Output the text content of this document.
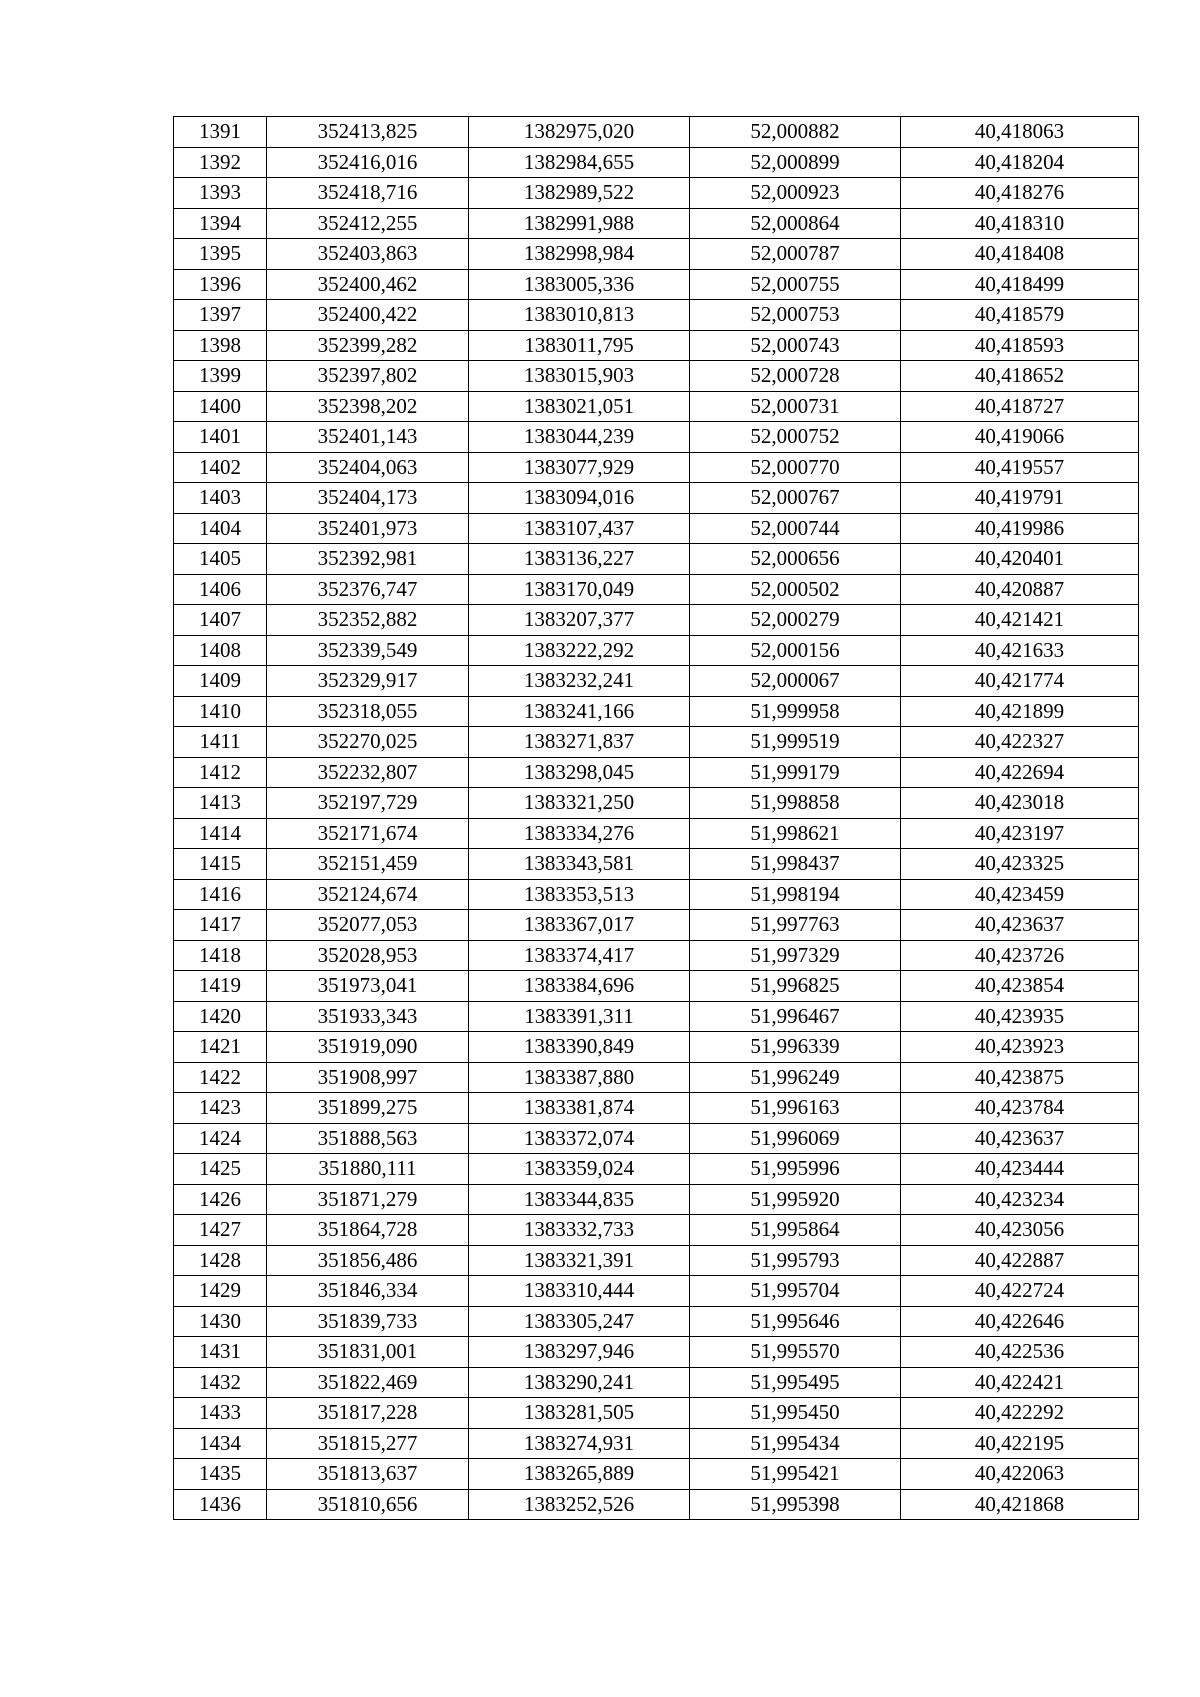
1391	352413,825	1382975,020	52,000882	40,418063
1392	352416,016	1382984,655	52,000899	40,418204
1393	352418,716	1382989,522	52,000923	40,418276
1394	352412,255	1382991,988	52,000864	40,418310
1395	352403,863	1382998,984	52,000787	40,418408
1396	352400,462	1383005,336	52,000755	40,418499
1397	352400,422	1383010,813	52,000753	40,418579
1398	352399,282	1383011,795	52,000743	40,418593
1399	352397,802	1383015,903	52,000728	40,418652
1400	352398,202	1383021,051	52,000731	40,418727
1401	352401,143	1383044,239	52,000752	40,419066
1402	352404,063	1383077,929	52,000770	40,419557
1403	352404,173	1383094,016	52,000767	40,419791
1404	352401,973	1383107,437	52,000744	40,419986
1405	352392,981	1383136,227	52,000656	40,420401
1406	352376,747	1383170,049	52,000502	40,420887
1407	352352,882	1383207,377	52,000279	40,421421
1408	352339,549	1383222,292	52,000156	40,421633
1409	352329,917	1383232,241	52,000067	40,421774
1410	352318,055	1383241,166	51,999958	40,421899
1411	352270,025	1383271,837	51,999519	40,422327
1412	352232,807	1383298,045	51,999179	40,422694
1413	352197,729	1383321,250	51,998858	40,423018
1414	352171,674	1383334,276	51,998621	40,423197
1415	352151,459	1383343,581	51,998437	40,423325
1416	352124,674	1383353,513	51,998194	40,423459
1417	352077,053	1383367,017	51,997763	40,423637
1418	352028,953	1383374,417	51,997329	40,423726
1419	351973,041	1383384,696	51,996825	40,423854
1420	351933,343	1383391,311	51,996467	40,423935
1421	351919,090	1383390,849	51,996339	40,423923
1422	351908,997	1383387,880	51,996249	40,423875
1423	351899,275	1383381,874	51,996163	40,423784
1424	351888,563	1383372,074	51,996069	40,423637
1425	351880,111	1383359,024	51,995996	40,423444
1426	351871,279	1383344,835	51,995920	40,423234
1427	351864,728	1383332,733	51,995864	40,423056
1428	351856,486	1383321,391	51,995793	40,422887
1429	351846,334	1383310,444	51,995704	40,422724
1430	351839,733	1383305,247	51,995646	40,422646
1431	351831,001	1383297,946	51,995570	40,422536
1432	351822,469	1383290,241	51,995495	40,422421
1433	351817,228	1383281,505	51,995450	40,422292
1434	351815,277	1383274,931	51,995434	40,422195
1435	351813,637	1383265,889	51,995421	40,422063
1436	351810,656	1383252,526	51,995398	40,421868
